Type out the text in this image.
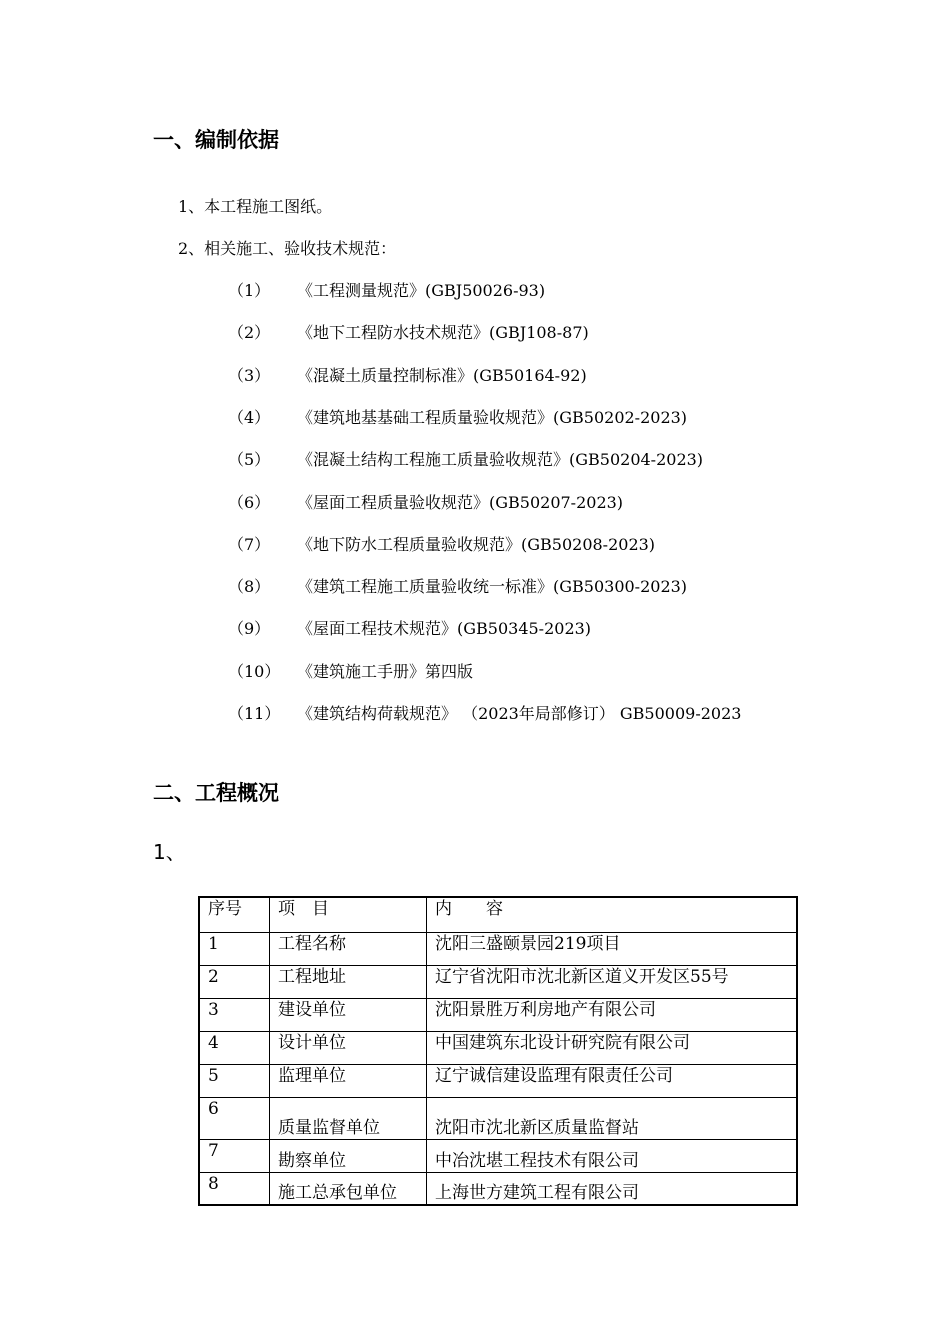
一、编制依据
1、本工程施工图纸。
2、相关施工、验收技术规范：
（1） 《工程测量规范》(GBJ50026-93)
（2） 《地下工程防水技术规范》(GBJ108-87)
（3） 《混凝土质量控制标准》(GB50164-92)
（4） 《建筑地基基础工程质量验收规范》(GB50202-2023)
（5） 《混凝土结构工程施工质量验收规范》(GB50204-2023)
（6） 《屋面工程质量验收规范》(GB50207-2023)
（7） 《地下防水工程质量验收规范》(GB50208-2023)
（8） 《建筑工程施工质量验收统一标准》(GB50300-2023)
（9） 《屋面工程技术规范》(GB50345-2023)
（10） 《建筑施工手册》第四版
（11） 《建筑结构荷载规范》 （2023年局部修订） GB50009-2023
二、工程概况
1、
序号	项　目	内　　容
1	工程名称	沈阳三盛颐景园219项目
2	工程地址	辽宁省沈阳市沈北新区道义开发区55号
3	建设单位	沈阳景胜万利房地产有限公司
4	设计单位	中国建筑东北设计研究院有限公司
5	监理单位	辽宁诚信建设监理有限责任公司
6	质量监督单位	沈阳市沈北新区质量监督站
7	勘察单位	中冶沈堪工程技术有限公司
8	施工总承包单位	上海世方建筑工程有限公司
